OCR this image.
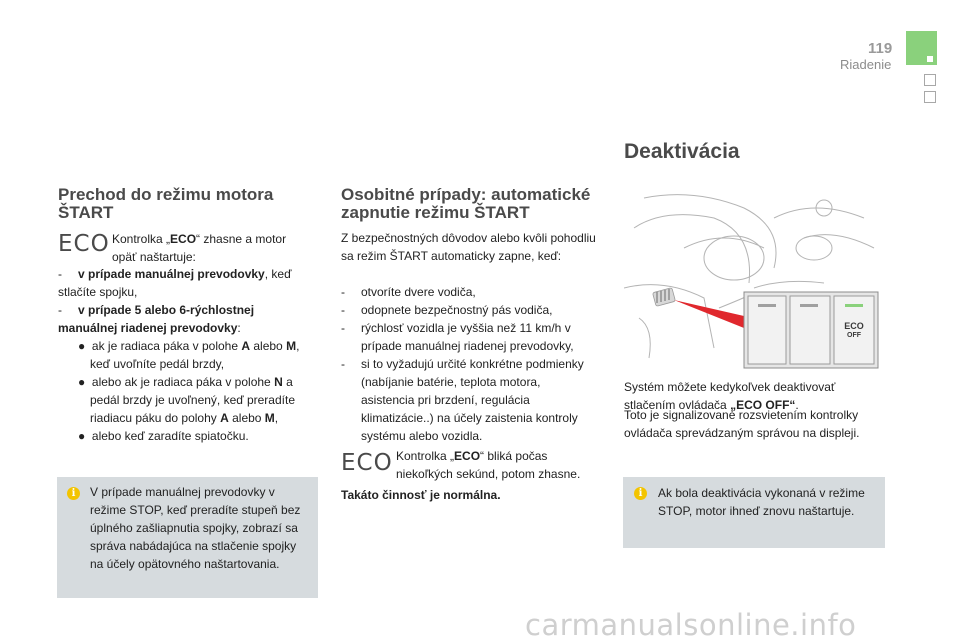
119
Riadenie
Prechod do režimu motora ŠTART
ECO Kontrolka „ECO“ zhasne a motor opäť naštartuje:
- v prípade manuálnej prevodovky, keď stlačíte spojku,
- v prípade 5 alebo 6-rýchlostnej manuálnej riadenej prevodovky:
● ak je radiaca páka v polohe A alebo M, keď uvoľníte pedál brzdy,
● alebo ak je radiaca páka v polohe N a pedál brzdy je uvoľnený, keď preradíte riadiacu páku do polohy A alebo M,
● alebo keď zaradíte spiatočku.
i	V prípade manuálnej prevodovky v režime STOP, keď preradíte stupeň bez úplného zašliapnutia spojky, zobrazí sa správa nabádajúca na stlačenie spojky na účely opätovného naštartovania.
Osobitné prípady: automatické zapnutie režimu ŠTART
Z bezpečnostných dôvodov alebo kvôli pohodliu sa režim ŠTART automaticky zapne, keď:
-	otvoríte dvere vodiča,
-	odopnete bezpečnostný pás vodiča,
-	rýchlosť vozidla je vyššia než 11 km/h v prípade manuálnej riadenej prevodovky,
-	si to vyžadujú určité konkrétne podmienky (nabíjanie batérie, teplota motora, asistencia pri brzdení, regulácia klimatizácie..) na účely zaistenia kontroly systému alebo vozidla.
ECO Kontrolka „ECO“ bliká počas niekoľkých sekúnd, potom zhasne.
Takáto činnosť je normálna.
Deaktivácia
ECO
OFF
Systém môžete kedykoľvek deaktivovať stlačením ovládača „ECO OFF“.
Toto je signalizované rozsvietením kontrolky ovládača sprevádzaným správou na displeji.
i	Ak bola deaktivácia vykonaná v režime STOP, motor ihneď znovu naštartuje.
carmanualsonline.info
